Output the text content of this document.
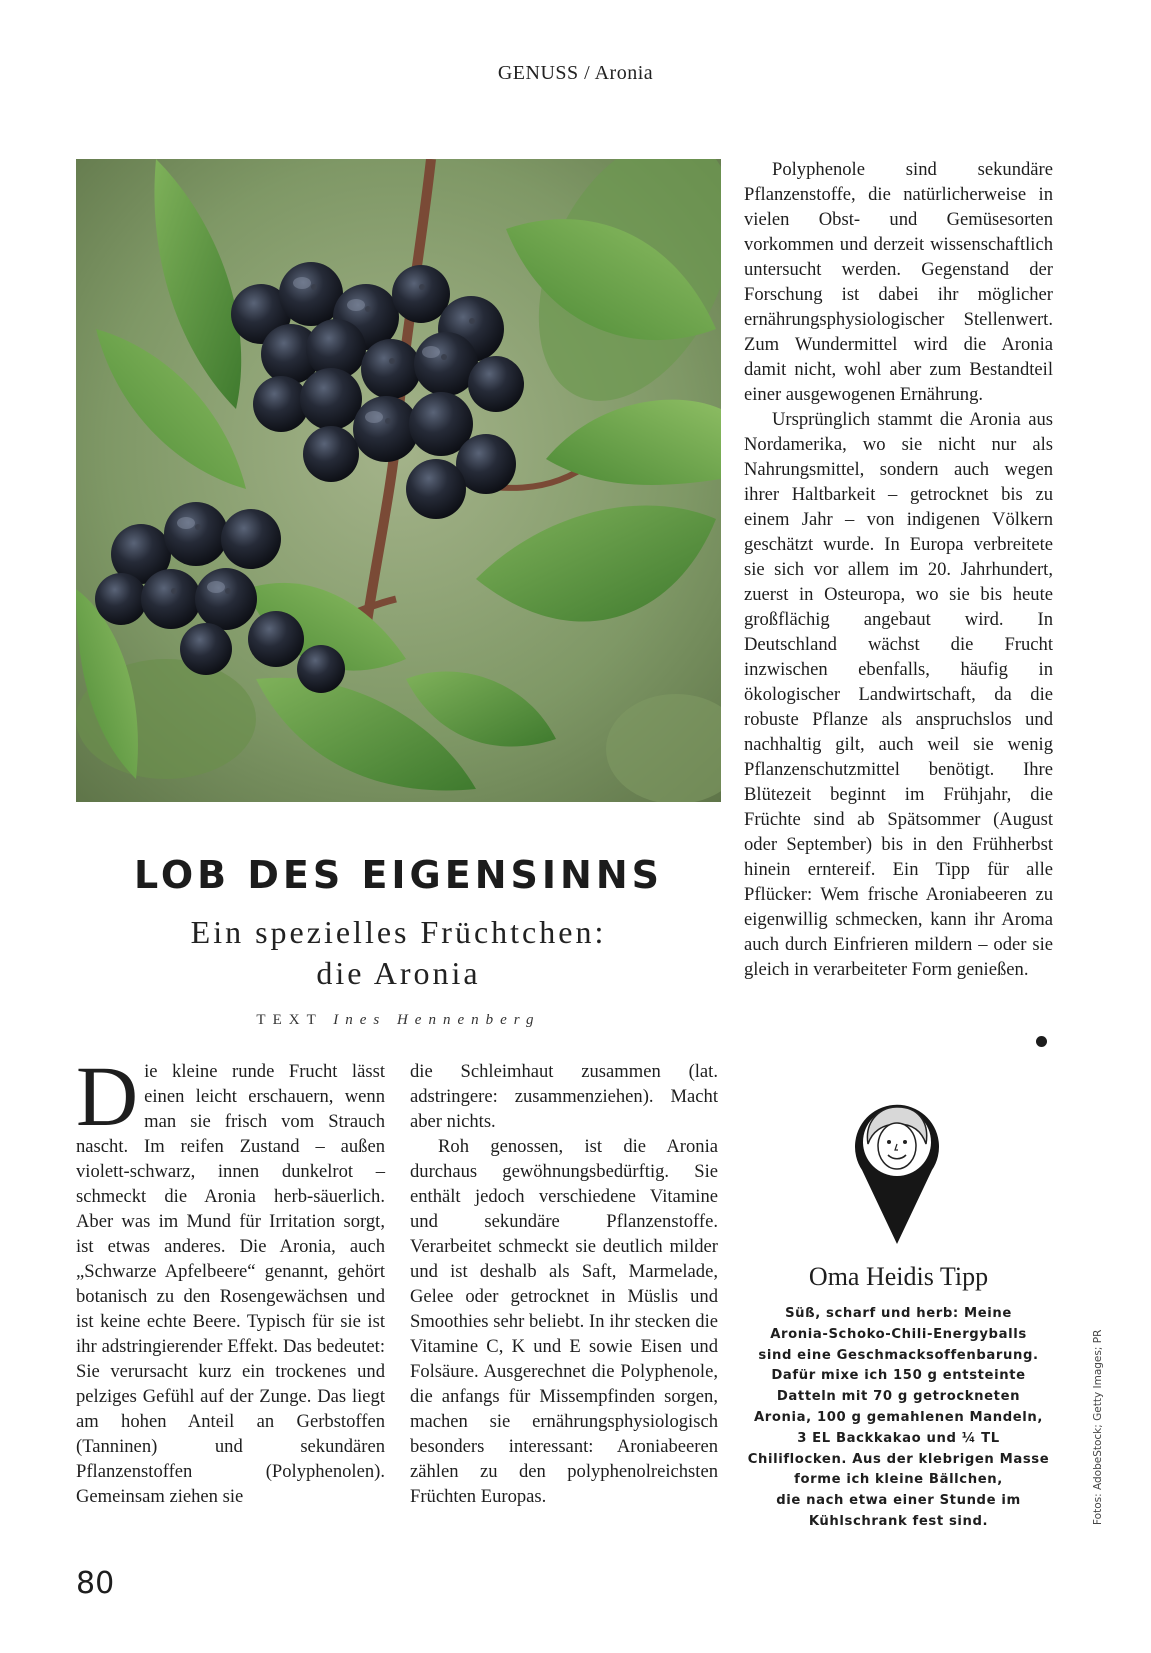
GENUSS / Aronia
LOB DES EIGENSINNS
Ein spezielles Früchtchen:
die Aronia
TEXT Ines Hennenberg

Die kleine runde Frucht lässt einen leicht erschauern, wenn man sie frisch vom Strauch nascht. Im reifen Zustand – außen violett-schwarz, innen dunkelrot – schmeckt die Aronia herb-säuerlich. Aber was im Mund für Irritation sorgt, ist etwas anderes. Die Aronia, auch „Schwarze Apfelbeere“ genannt, gehört botanisch zu den Rosengewächsen und ist keine echte Beere. Typisch für sie ist ihr adstringierender Effekt. Das bedeutet: Sie verursacht kurz ein trockenes und pelziges Gefühl auf der Zunge. Das liegt am hohen Anteil an Gerbstoffen (Tanninen) und sekundären Pflanzenstoffen (Polyphenolen). Gemeinsam ziehen sie

die Schleimhaut zusammen (lat. adstringere: zusammenziehen). Macht aber nichts.

Roh genossen, ist die Aronia durchaus gewöhnungsbedürftig. Sie enthält jedoch verschiedene Vitamine und sekundäre Pflanzenstoffe. Verarbeitet schmeckt sie deutlich milder und ist deshalb als Saft, Marmelade, Gelee oder getrocknet in Müslis und Smoothies sehr beliebt. In ihr stecken die Vitamine C, K und E sowie Eisen und Folsäure. Ausgerechnet die Polyphenole, die anfangs für Missempfinden sorgen, machen sie ernährungsphysiologisch besonders interessant: Aroniabeeren zählen zu den polyphenolreichsten Früchten Europas.

Polyphenole sind sekundäre Pflanzenstoffe, die natürlicherweise in vielen Obst- und Gemüsesorten vorkommen und derzeit wissenschaftlich untersucht werden. Gegenstand der Forschung ist dabei ihr möglicher ernährungsphysiologischer Stellenwert. Zum Wundermittel wird die Aronia damit nicht, wohl aber zum Bestandteil einer ausgewogenen Ernährung.

Ursprünglich stammt die Aronia aus Nordamerika, wo sie nicht nur als Nahrungsmittel, sondern auch wegen ihrer Haltbarkeit – getrocknet bis zu einem Jahr – von indigenen Völkern geschätzt wurde. In Europa verbreitete sie sich vor allem im 20. Jahrhundert, zuerst in Osteuropa, wo sie bis heute großflächig angebaut wird. In Deutschland wächst die Frucht inzwischen ebenfalls, häufig in ökologischer Landwirtschaft, da die robuste Pflanze als anspruchslos und nachhaltig gilt, auch weil sie wenig Pflanzenschutzmittel benötigt. Ihre Blütezeit beginnt im Frühjahr, die Früchte sind ab Spätsommer (August oder September) bis in den Frühherbst hinein erntereif. Ein Tipp für alle Pflücker: Wem frische Aroniabeeren zu eigenwillig schmecken, kann ihr Aroma auch durch Einfrieren mildern – oder sie gleich in verarbeiteter Form genießen.

Oma Heidis Tipp
Süß, scharf und herb: Meine
Aronia-Schoko-Chili-Energyballs
sind eine Geschmacksoffenbarung.
Dafür mixe ich 150 g entsteinte
Datteln mit 70 g getrockneten
Aronia, 100 g gemahlenen Mandeln,
3 EL Backkakao und ¼ TL
Chiliflocken. Aus der klebrigen Masse
forme ich kleine Bällchen,
die nach etwa einer Stunde im
Kühlschrank fest sind.	Fotos: AdobeStock; Getty Images; PR
80
